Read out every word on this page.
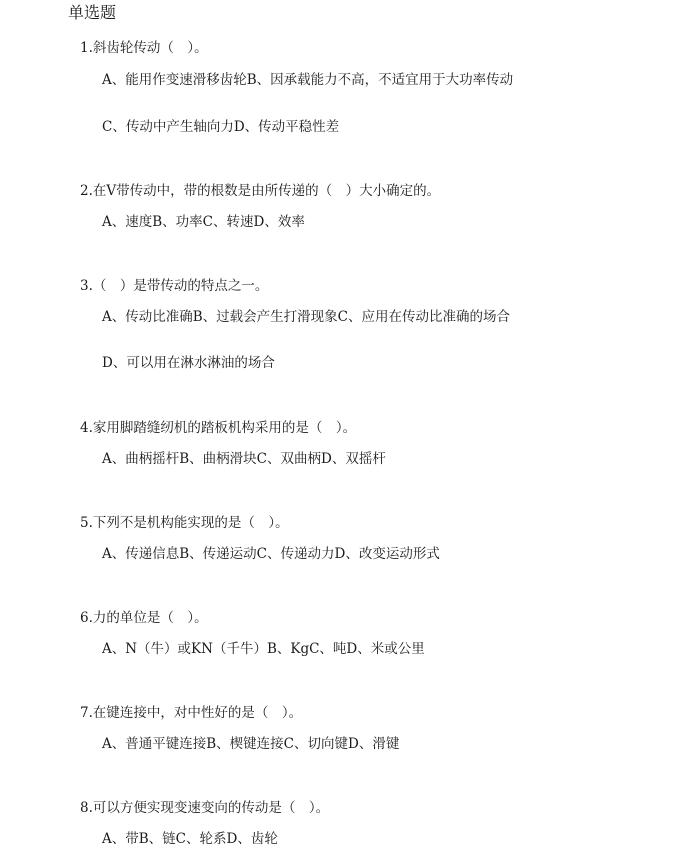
单选题
1.斜齿轮传动（　）。
A、能用作变速滑移齿轮B、因承载能力不高，不适宜用于大功率传动
C、传动中产生轴向力D、传动平稳性差
2.在V带传动中，带的根数是由所传递的（　）大小确定的。
A、速度B、功率C、转速D、效率
3.（　）是带传动的特点之一。
A、传动比准确B、过载会产生打滑现象C、应用在传动比准确的场合
D、可以用在淋水淋油的场合
4.家用脚踏缝纫机的踏板机构采用的是（　）。
A、曲柄摇杆B、曲柄滑块C、双曲柄D、双摇杆
5.下列不是机构能实现的是（　）。
A、传递信息B、传递运动C、传递动力D、改变运动形式
6.力的单位是（　）。
A、N（牛）或KN（千牛）B、KgC、吨D、米或公里
7.在键连接中，对中性好的是（　）。
A、普通平键连接B、楔键连接C、切向键D、滑键
8.可以方便实现变速变向的传动是（　）。
A、带B、链C、轮系D、齿轮
